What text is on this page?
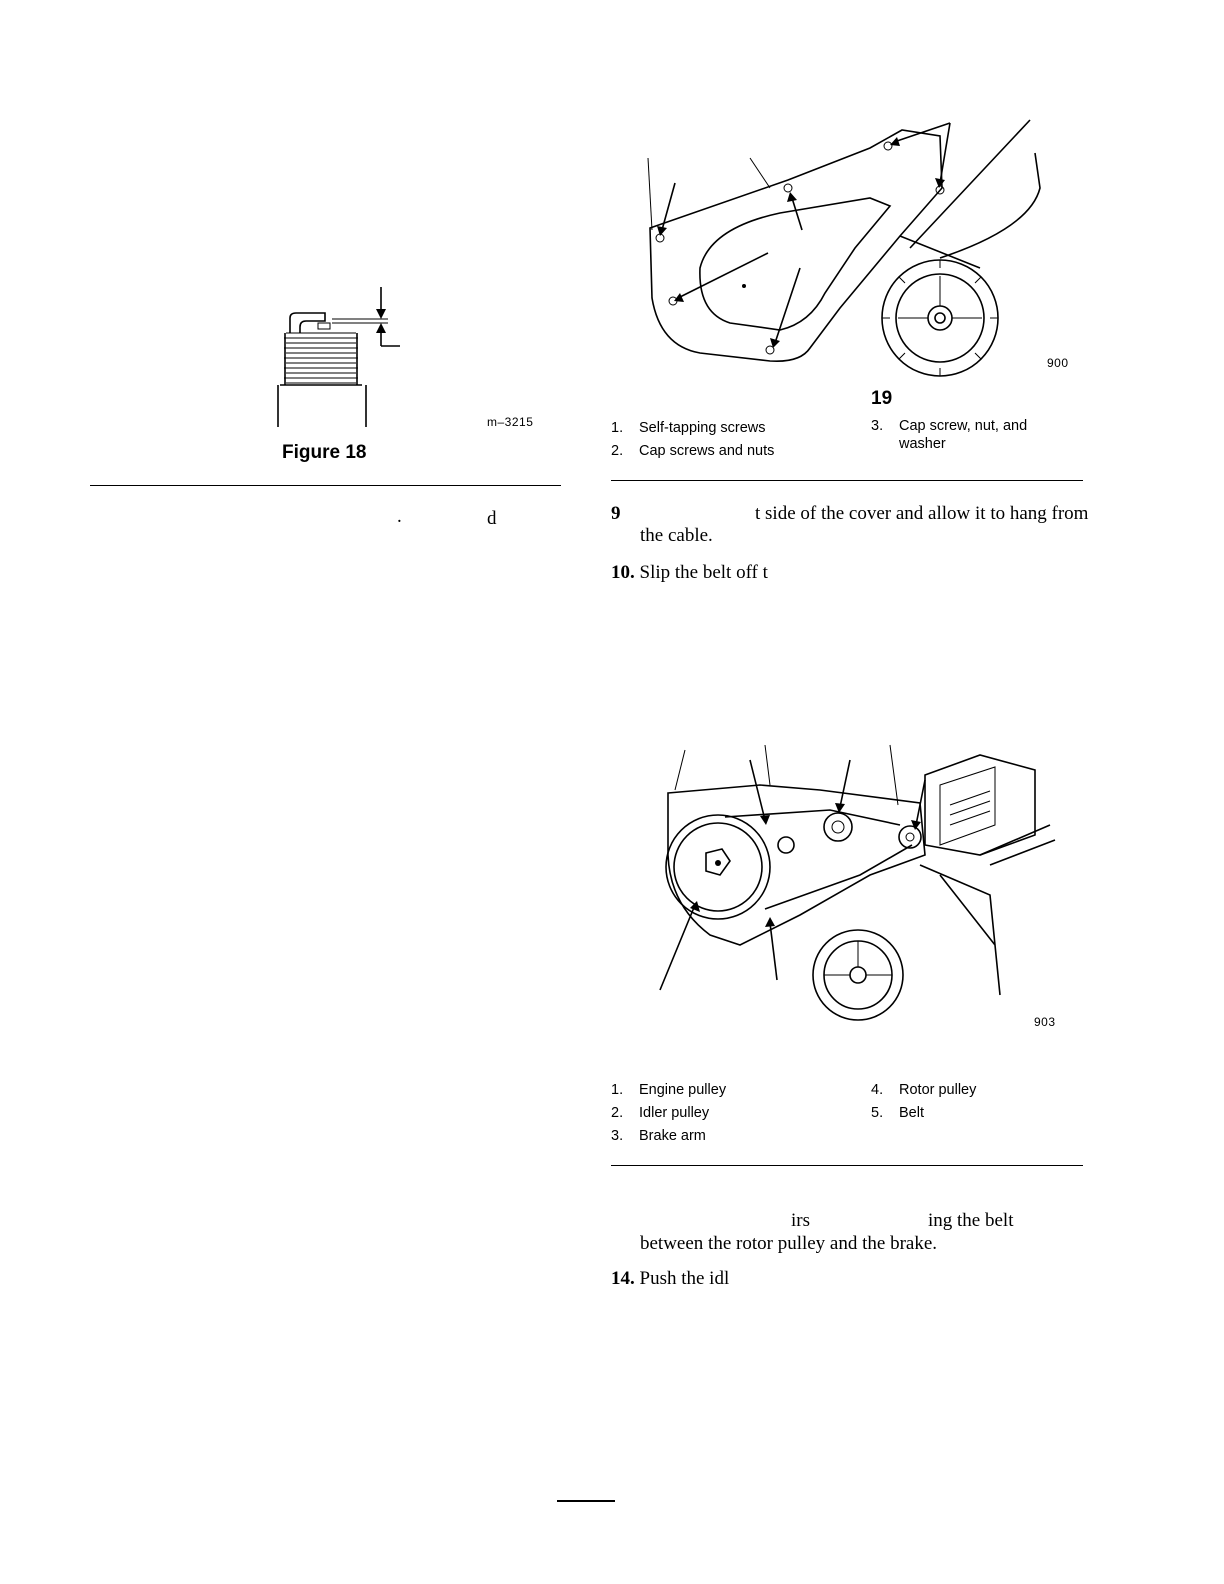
m–3215
Figure 18
.	d
900
19
1. Self-tapping screws
2. Cap screws and nuts
3.	Cap screw, nut, and washer
9	t side of the cover and allow it to hang from
the cable.
10. Slip the belt off t
903
1. Engine pulley
2. Idler pulley
3. Brake arm
4. Rotor pulley
5. Belt
irs	ing the belt
between the rotor pulley and the brake.
14. Push the idl
